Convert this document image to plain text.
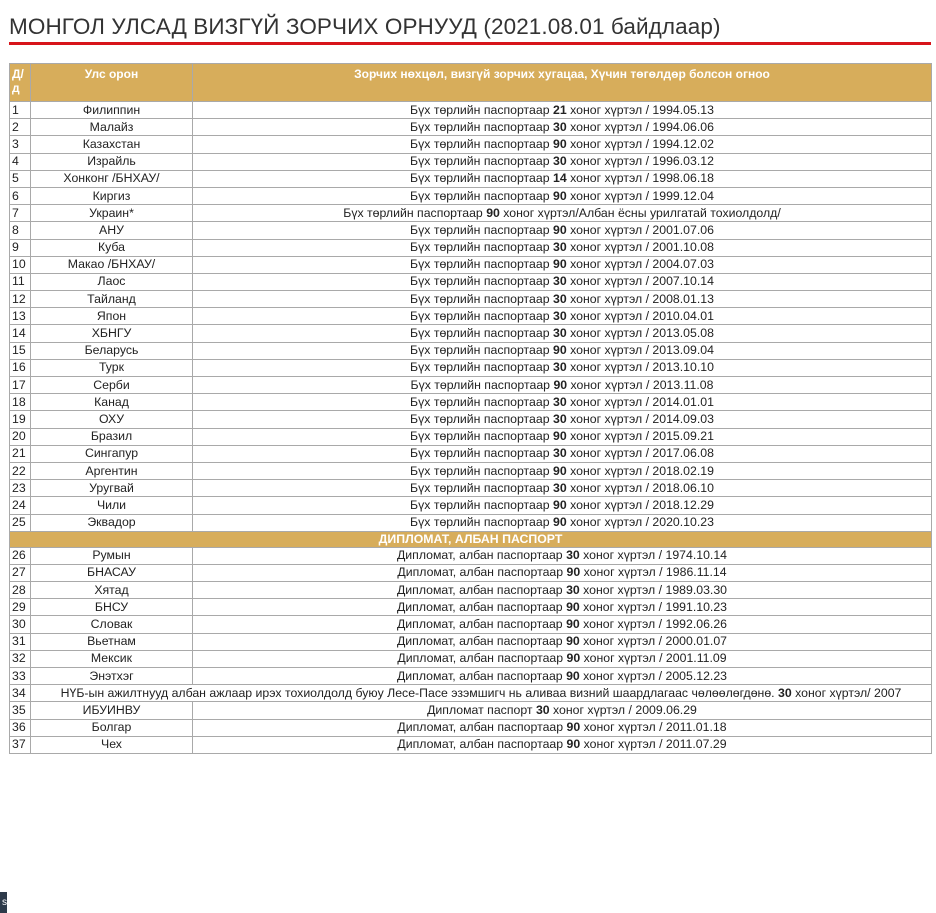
МОНГОЛ УЛСАД ВИЗГҮЙ ЗОРЧИХ ОРНУУД (2021.08.01 байдлаар)
Д/д	Улс орон	Зорчих нөхцөл, визгүй зорчих хугацаа, Хүчин төгөлдөр болсон огноо
1	Филиппин	Бүх төрлийн паспортаар 21 хоног хүртэл / 1994.05.13
2	Малайз	Бүх төрлийн паспортаар 30 хоног хүртэл / 1994.06.06
3	Казахстан	Бүх төрлийн паспортаар 90 хоног хүртэл / 1994.12.02
4	Израйль	Бүх төрлийн паспортаар 30 хоног хүртэл / 1996.03.12
5	Хонконг /БНХАУ/	Бүх төрлийн паспортаар 14 хоног хүртэл / 1998.06.18
6	Киргиз	Бүх төрлийн паспортаар 90 хоног хүртэл / 1999.12.04
7	Украин*	Бүх төрлийн паспортаар 90 хоног хүртэл/Албан ёсны урилгатай тохиолдолд/
8	АНУ	Бүх төрлийн паспортаар 90 хоног хүртэл / 2001.07.06
9	Куба	Бүх төрлийн паспортаар 30 хоног хүртэл / 2001.10.08
10	Макао /БНХАУ/	Бүх төрлийн паспортаар 90 хоног хүртэл / 2004.07.03
11	Лаос	Бүх төрлийн паспортаар 30 хоног хүртэл / 2007.10.14
12	Тайланд	Бүх төрлийн паспортаар 30 хоног хүртэл / 2008.01.13
13	Япон	Бүх төрлийн паспортаар 30 хоног хүртэл / 2010.04.01
14	ХБНГУ	Бүх төрлийн паспортаар 30 хоног хүртэл / 2013.05.08
15	Беларусь	Бүх төрлийн паспортаар 90 хоног хүртэл / 2013.09.04
16	Турк	Бүх төрлийн паспортаар 30 хоног хүртэл / 2013.10.10
17	Серби	Бүх төрлийн паспортаар 90 хоног хүртэл / 2013.11.08
18	Канад	Бүх төрлийн паспортаар 30 хоног хүртэл / 2014.01.01
19	ОХУ	Бүх төрлийн паспортаар 30 хоног хүртэл / 2014.09.03
20	Бразил	Бүх төрлийн паспортаар 90 хоног хүртэл / 2015.09.21
21	Сингапур	Бүх төрлийн паспортаар 30 хоног хүртэл / 2017.06.08
22	Аргентин	Бүх төрлийн паспортаар 90 хоног хүртэл / 2018.02.19
23	Уругвай	Бүх төрлийн паспортаар 30 хоног хүртэл / 2018.06.10
24	Чили	Бүх төрлийн паспортаар 90 хоног хүртэл / 2018.12.29
25	Эквадор	Бүх төрлийн паспортаар 90 хоног хүртэл / 2020.10.23
ДИПЛОМАТ, АЛБАН ПАСПОРТ		
26	Румын	Дипломат, албан паспортаар 30 хоног хүртэл / 1974.10.14
27	БНАСАУ	Дипломат, албан паспортаар 90 хоног хүртэл / 1986.11.14
28	Хятад	Дипломат, албан паспортаар 30 хоног хүртэл / 1989.03.30
29	БНСУ	Дипломат, албан паспортаар 90 хоног хүртэл / 1991.10.23
30	Словак	Дипломат, албан паспортаар 90 хоног хүртэл / 1992.06.26
31	Вьетнам	Дипломат, албан паспортаар 90 хоног хүртэл / 2000.01.07
32	Мексик	Дипломат, албан паспортаар 90 хоног хүртэл / 2001.11.09
33	Энэтхэг	Дипломат, албан паспортаар 90 хоног хүртэл / 2005.12.23
34	НҮБ-ын ажилтнууд албан ажлаар ирэх тохиолдолд буюу Лесе-Пасе эзэмшигч нь аливаа визний шаардлагаас чөлөөлөгдөнө. 30 хоног хүртэл/ 2007	
35	ИБУИНВУ	Дипломат паспорт 30 хоног хүртэл / 2009.06.29
36	Болгар	Дипломат, албан паспортаар 90 хоног хүртэл / 2011.01.18
37	Чех	Дипломат, албан паспортаар 90 хоног хүртэл / 2011.07.29
s
